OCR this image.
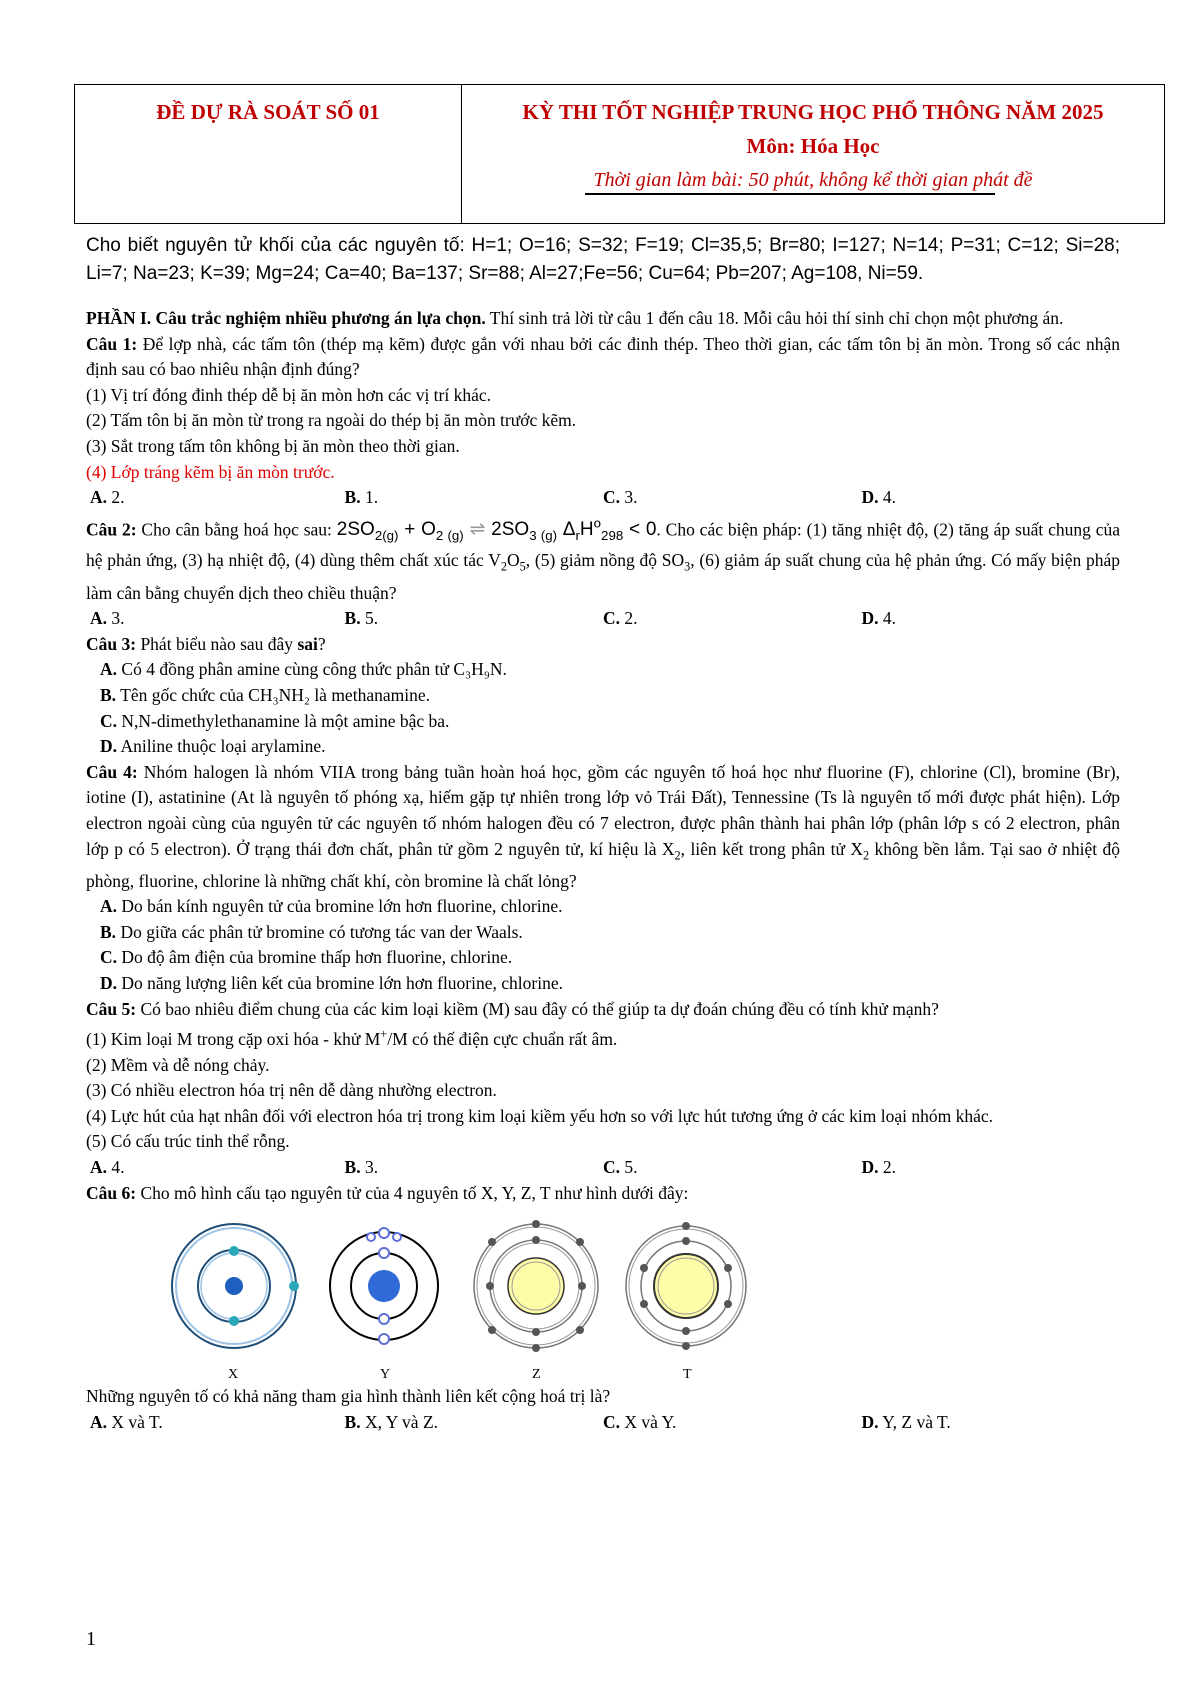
ĐỀ DỰ RÀ SOÁT SỐ 01	KỲ THI TỐT NGHIỆP TRUNG HỌC PHỔ THÔNG NĂM 2025
Môn: Hóa Học
Thời gian làm bài: 50 phút, không kể thời gian phát đề

Cho biết nguyên tử khối của các nguyên tố: H=1; O=16; S=32; F=19; Cl=35,5; Br=80; I=127; N=14; P=31; C=12; Si=28; Li=7; Na=23; K=39; Mg=24; Ca=40; Ba=137; Sr=88; Al=27;Fe=56; Cu=64; Pb=207; Ag=108, Ni=59.

PHẦN I. Câu trắc nghiệm nhiều phương án lựa chọn. Thí sinh trả lời từ câu 1 đến câu 18. Mỗi câu hỏi thí sinh chỉ chọn một phương án.

Câu 1: Để lợp nhà, các tấm tôn (thép mạ kẽm) được gắn với nhau bởi các đinh thép. Theo thời gian, các tấm tôn bị ăn mòn. Trong số các nhận định sau có bao nhiêu nhận định đúng?

(1) Vị trí đóng đinh thép dễ bị ăn mòn hơn các vị trí khác.

(2) Tấm tôn bị ăn mòn từ trong ra ngoài do thép bị ăn mòn trước kẽm.

(3) Sắt trong tấm tôn không bị ăn mòn theo thời gian.

(4) Lớp tráng kẽm bị ăn mòn trước.

A. 2.	B. 1.	C. 3.	D. 4.

Câu 2: Cho cân bằng hoá học sau: $2SO_{2(g)} + O_{2 (g)}$ ⇌ $2SO_{3 (g)}$ $\Delta_rH^o_{298} < 0$. Cho các biện pháp: (1) tăng nhiệt độ, (2) tăng áp suất chung của hệ phản ứng, (3) hạ nhiệt độ, (4) dùng thêm chất xúc tác $V_2O_5$, (5) giảm nồng độ $SO_3$, (6) giảm áp suất chung của hệ phản ứng. Có mấy biện pháp làm cân bằng chuyển dịch theo chiều thuận?

A. 3.	B. 5.	C. 2.	D. 4.

Câu 3: Phát biểu nào sau đây sai?

A. Có 4 đồng phân amine cùng công thức phân tử C₃H₉N.

B. Tên gốc chức của CH₃NH₂ là methanamine.

C. N,N-dimethylethanamine là một amine bậc ba.

D. Aniline thuộc loại arylamine.

Câu 4: Nhóm halogen là nhóm VIIA trong bảng tuần hoàn hoá học, gồm các nguyên tố hoá học như fluorine (F), chlorine (Cl), bromine (Br), iotine (I), astatinine (At là nguyên tố phóng xạ, hiếm gặp tự nhiên trong lớp vỏ Trái Đất), Tennessine (Ts là nguyên tố mới được phát hiện). Lớp electron ngoài cùng của nguyên tử các nguyên tố nhóm halogen đều có 7 electron, được phân thành hai phân lớp (phân lớp s có 2 electron, phân lớp p có 5 electron). Ở trạng thái đơn chất, phân tử gồm 2 nguyên tử, kí hiệu là $X_2$, liên kết trong phân tử $X_2$ không bền lắm. Tại sao ở nhiệt độ phòng, fluorine, chlorine là những chất khí, còn bromine là chất lỏng?

A. Do bán kính nguyên tử của bromine lớn hơn fluorine, chlorine.

B. Do giữa các phân tử bromine có tương tác van der Waals.

C. Do độ âm điện của bromine thấp hơn fluorine, chlorine.

D. Do năng lượng liên kết của bromine lớn hơn fluorine, chlorine.

Câu 5: Có bao nhiêu điểm chung của các kim loại kiềm (M) sau đây có thể giúp ta dự đoán chúng đều có tính khử mạnh?

(1) Kim loại M trong cặp oxi hóa - khử M+/M có thế điện cực chuẩn rất âm.

(2) Mềm và dễ nóng chảy.

(3) Có nhiều electron hóa trị nên dễ dàng nhường electron.

(4) Lực hút của hạt nhân đối với electron hóa trị trong kim loại kiềm yếu hơn so với lực hút tương ứng ở các kim loại nhóm khác.

(5) Có cấu trúc tinh thể rỗng.

A. 4.	B. 3.	C. 5.	D. 2.

Câu 6: Cho mô hình cấu tạo nguyên tử của 4 nguyên tố X, Y, Z, T như hình dưới đây:

X	Y	Z	T

Những nguyên tố có khả năng tham gia hình thành liên kết cộng hoá trị là?

A. X và T.	B. X, Y và Z.	C. X và Y.	D. Y, Z và T.
1
